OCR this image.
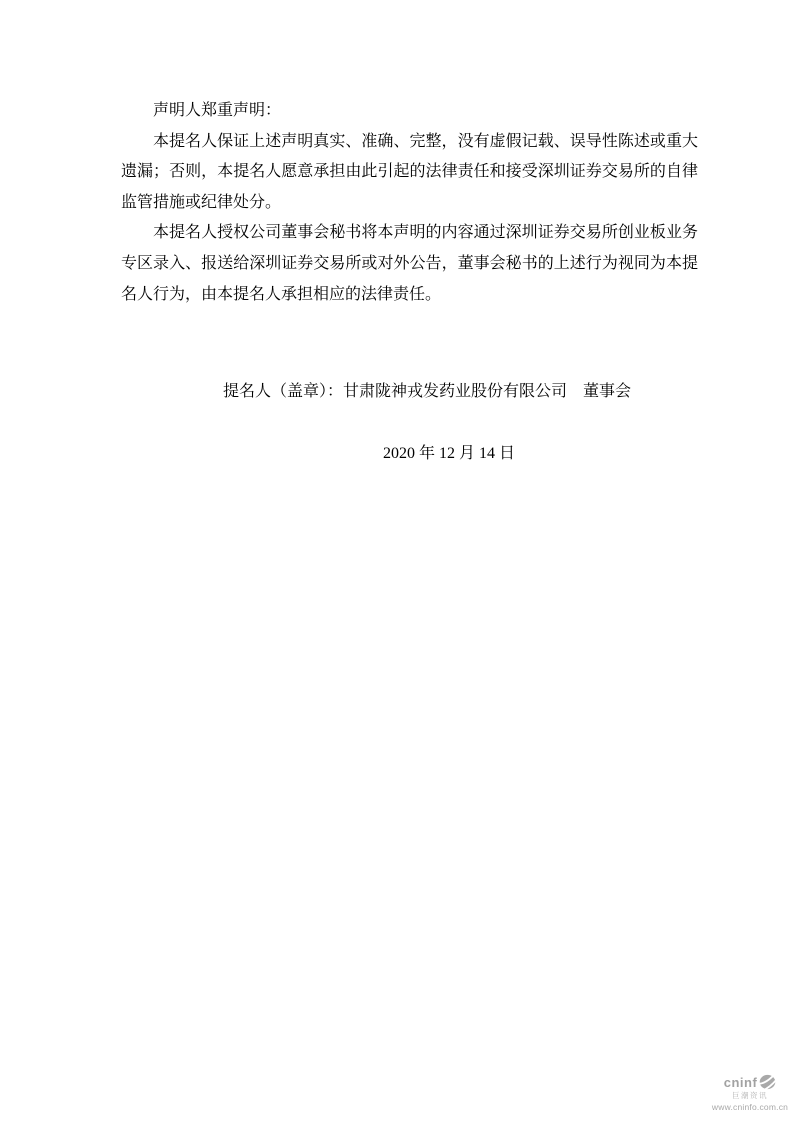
声明人郑重声明：

本提名人保证上述声明真实、准确、完整，没有虚假记载、误导性陈述或重大遗漏；否则，本提名人愿意承担由此引起的法律责任和接受深圳证券交易所的自律监管措施或纪律处分。

本提名人授权公司董事会秘书将本声明的内容通过深圳证券交易所创业板业务专区录入、报送给深圳证券交易所或对外公告，董事会秘书的上述行为视同为本提名人行为，由本提名人承担相应的法律责任。

提名人（盖章）：甘肃陇神戎发药业股份有限公司　董事会

2020 年 12 月 14 日

cninf
巨潮资讯
www.cninfo.com.cn
